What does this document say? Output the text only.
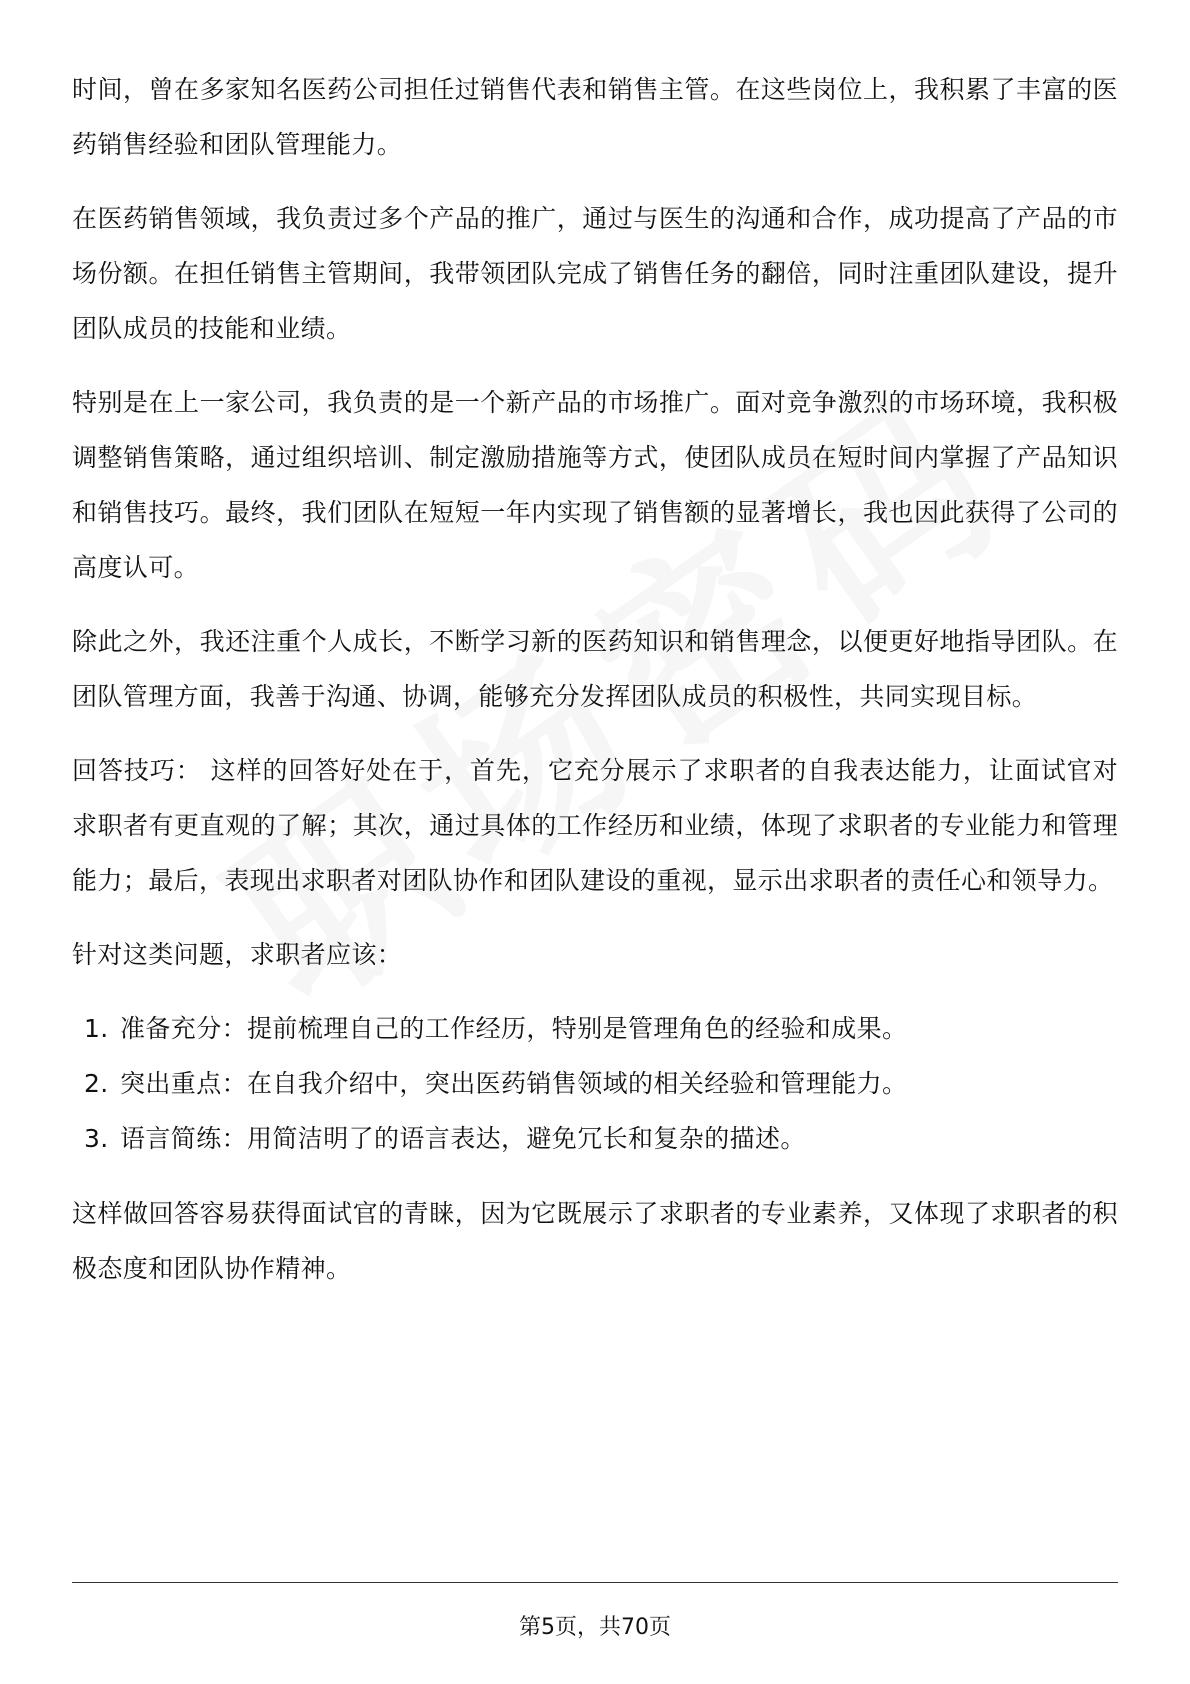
时间，曾在多家知名医药公司担任过销售代表和销售主管。在这些岗位上，我积累了丰富的医药销售经验和团队管理能力。

在医药销售领域，我负责过多个产品的推广，通过与医生的沟通和合作，成功提高了产品的市场份额。在担任销售主管期间，我带领团队完成了销售任务的翻倍，同时注重团队建设，提升团队成员的技能和业绩。

特别是在上一家公司，我负责的是一个新产品的市场推广。面对竞争激烈的市场环境，我积极调整销售策略，通过组织培训、制定激励措施等方式，使团队成员在短时间内掌握了产品知识和销售技巧。最终，我们团队在短短一年内实现了销售额的显著增长，我也因此获得了公司的高度认可。

除此之外，我还注重个人成长，不断学习新的医药知识和销售理念，以便更好地指导团队。在团队管理方面，我善于沟通、协调，能够充分发挥团队成员的积极性，共同实现目标。

回答技巧： 这样的回答好处在于，首先，它充分展示了求职者的自我表达能力，让面试官对求职者有更直观的了解；其次，通过具体的工作经历和业绩，体现了求职者的专业能力和管理能力；最后，表现出求职者对团队协作和团队建设的重视，显示出求职者的责任心和领导力。

针对这类问题，求职者应该：

1. 准备充分：提前梳理自己的工作经历，特别是管理角色的经验和成果。
2. 突出重点：在自我介绍中，突出医药销售领域的相关经验和管理能力。
3. 语言简练：用简洁明了的语言表达，避免冗长和复杂的描述。

这样做回答容易获得面试官的青睐，因为它既展示了求职者的专业素养，又体现了求职者的积极态度和团队协作精神。

第5页，共70页
